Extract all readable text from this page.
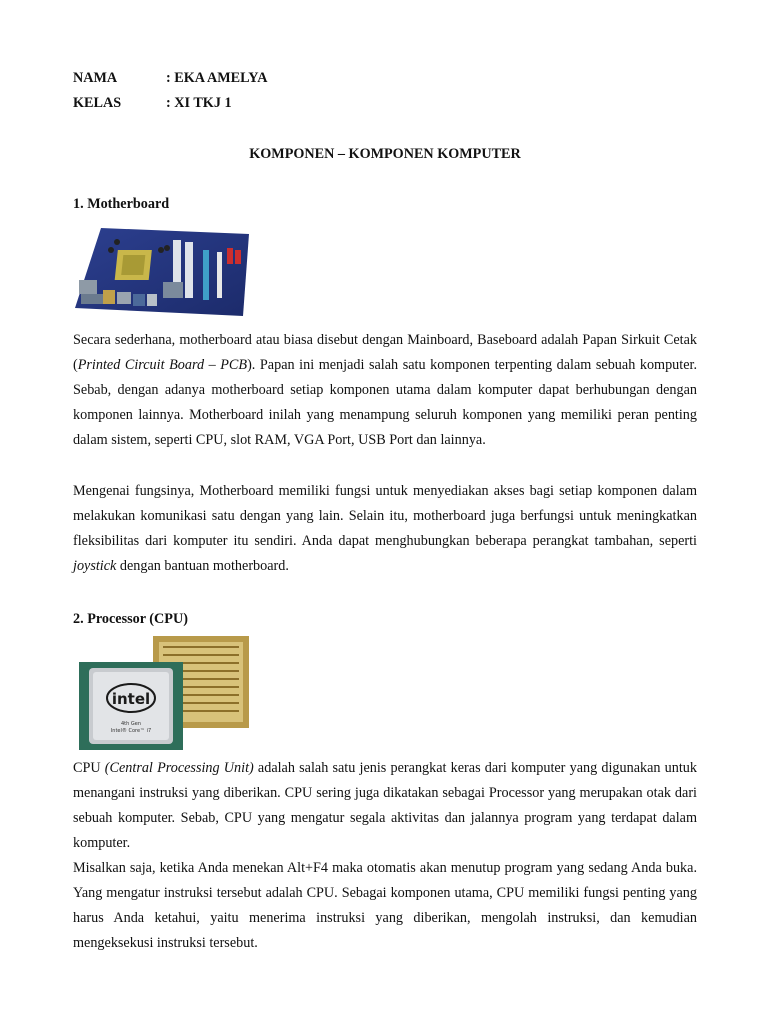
NAMA	: EKA AMELYA
KELAS	: XI TKJ 1
KOMPONEN – KOMPONEN KOMPUTER
1. Motherboard

Secara sederhana, motherboard atau biasa disebut dengan Mainboard, Baseboard adalah Papan Sirkuit Cetak (Printed Circuit Board – PCB). Papan ini menjadi salah satu komponen terpenting dalam sebuah komputer. Sebab, dengan adanya motherboard setiap komponen utama dalam komputer dapat berhubungan dengan komponen lainnya. Motherboard inilah yang menampung seluruh komponen yang memiliki peran penting dalam sistem, seperti CPU, slot RAM, VGA Port, USB Port dan lainnya.

Mengenai fungsinya, Motherboard memiliki fungsi untuk menyediakan akses bagi setiap komponen dalam melakukan komunikasi satu dengan yang lain. Selain itu, motherboard juga berfungsi untuk meningkatkan fleksibilitas dari komputer itu sendiri. Anda dapat menghubungkan beberapa perangkat tambahan, seperti joystick dengan bantuan motherboard.

2. Processor (CPU)
intel
4th Gen
Intel® Core™ i7

CPU (Central Processing Unit) adalah salah satu jenis perangkat keras dari komputer yang digunakan untuk menangani instruksi yang diberikan. CPU sering juga dikatakan sebagai Processor yang merupakan otak dari sebuah komputer. Sebab, CPU yang mengatur segala aktivitas dan jalannya program yang terdapat dalam komputer.

Misalkan saja, ketika Anda menekan Alt+F4 maka otomatis akan menutup program yang sedang Anda buka. Yang mengatur instruksi tersebut adalah CPU. Sebagai komponen utama, CPU memiliki fungsi penting yang harus Anda ketahui, yaitu menerima instruksi yang diberikan, mengolah instruksi, dan kemudian mengeksekusi instruksi tersebut.
